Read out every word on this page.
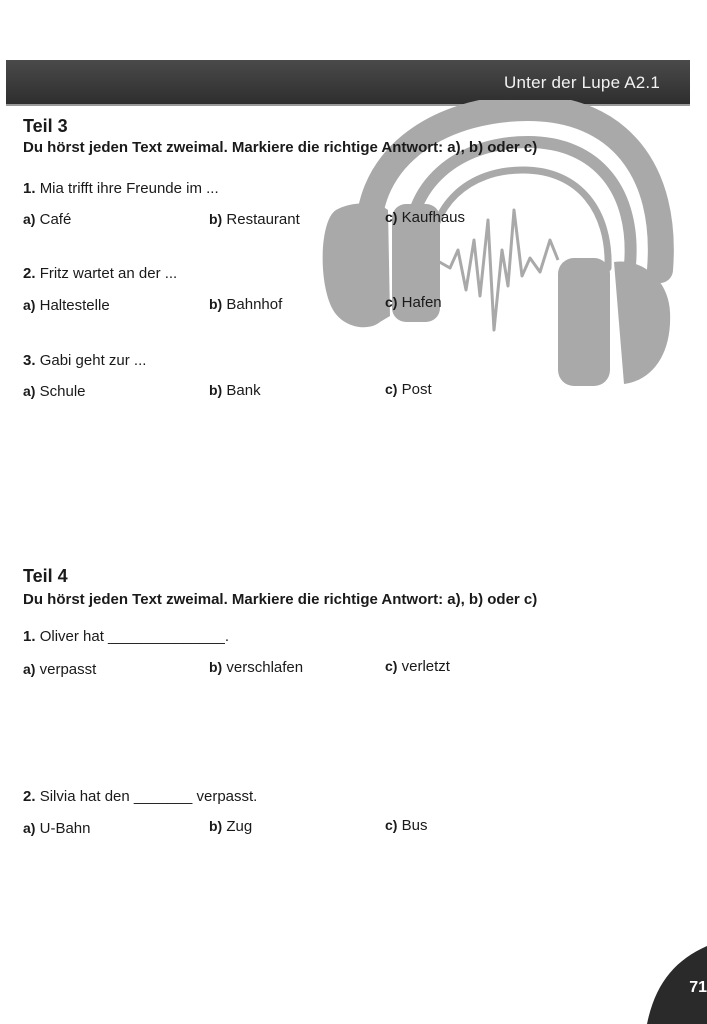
Unter der Lupe A2.1
Teil 3
Du hörst jeden Text zweimal. Markiere die richtige Antwort: a), b) oder c)
1. Mia trifft ihre Freunde im ...
a) Café	b) Restaurant	c) Kaufhaus
2. Fritz wartet an der ...
a) Haltestelle	b) Bahnhof	c) Hafen
3. Gabi geht zur ...
a) Schule	b) Bank	c) Post
Teil 4
Du hörst jeden Text zweimal. Markiere die richtige Antwort: a), b) oder c)
1. Oliver hat ______________.
a) verpasst	b) verschlafen	c) verletzt
2. Silvia hat den _______ verpasst.
a) U-Bahn	b) Zug	c) Bus
71
